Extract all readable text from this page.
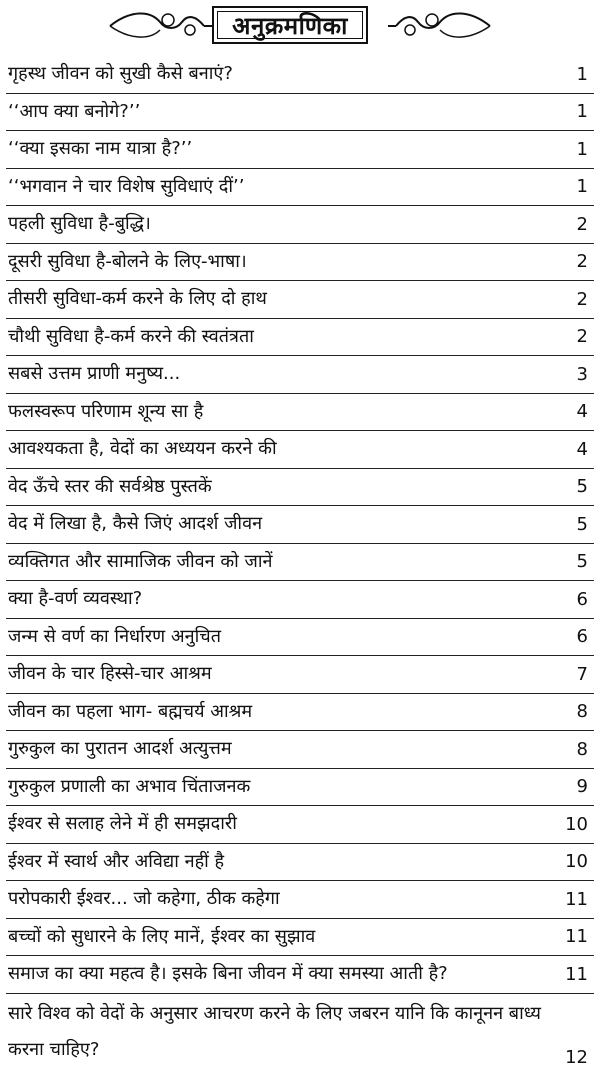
अनुक्रमणिका
गृहस्थ जीवन को सुखी कैसे बनाएं?	1
‘‘आप क्या बनोगे?’’	1
‘‘क्या इसका नाम यात्रा है?’’	1
‘‘भगवान ने चार विशेष सुविधाएं दीं’’	1
पहली सुविधा है-बुद्धि।	2
दूसरी सुविधा है-बोलने के लिए-भाषा।	2
तीसरी सुविधा-कर्म करने के लिए दो हाथ	2
चौथी सुविधा है-कर्म करने की स्वतंत्रता	2
सबसे उत्तम प्राणी मनुष्य...	3
फलस्वरूप परिणाम शून्य सा है	4
आवश्यकता है, वेदों का अध्ययन करने की	4
वेद ऊँचे स्तर की सर्वश्रेष्ठ पुस्तकें	5
वेद में लिखा है, कैसे जिएं आदर्श जीवन	5
व्यक्तिगत और सामाजिक जीवन को जानें	5
क्या है-वर्ण व्यवस्था?	6
जन्म से वर्ण का निर्धारण अनुचित	6
जीवन के चार हिस्से-चार आश्रम	7
जीवन का पहला भाग- बह्मचर्य आश्रम	8
गुरुकुल का पुरातन आदर्श अत्युत्तम	8
गुरुकुल प्रणाली का अभाव चिंताजनक	9
ईश्वर से सलाह लेने में ही समझदारी	10
ईश्वर में स्वार्थ और अविद्या नहीं है	10
परोपकारी ईश्वर... जो कहेगा, ठीक कहेगा	11
बच्चों को सुधारने के लिए मानें, ईश्वर का सुझाव	11
समाज का क्या महत्व है। इसके बिना जीवन में क्या समस्या आती है?	11
सारे विश्व को वेदों के अनुसार आचरण करने के लिए जबरन यानि कि कानूनन बाध्य करना चाहिए?	12
